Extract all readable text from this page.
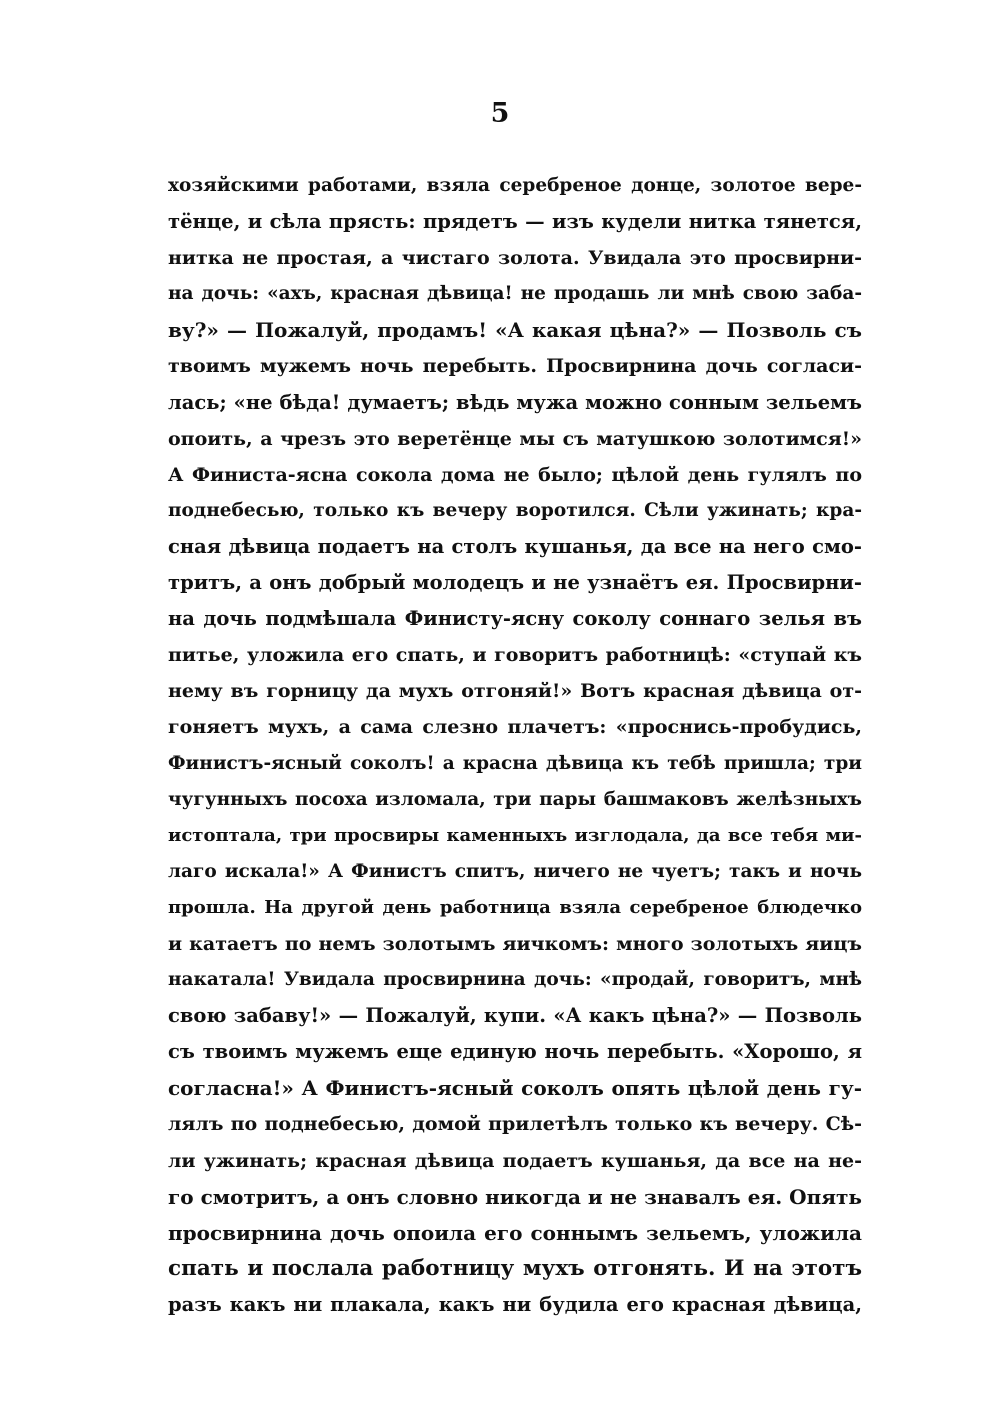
5
хозяйскими работами, взяла серебреное донце, золотое вере-
тёнце, и сѣла прясть: прядетъ — изъ кудели нитка тянется,
нитка не простая, а чистаго золота. Увидала это просвирни-
на дочь: «ахъ, красная дѣвица! не продашь ли мнѣ свою заба-
ву?» — Пожалуй, продамъ! «А какая цѣна?» — Позволь съ
твоимъ мужемъ ночь перебыть. Просвирнина дочь согласи-
лась; «не бѣда! думаетъ; вѣдь мужа можно сонным зельемъ
опоить, а чрезъ это веретёнце мы съ матушкою золотимся!»
А Финиста-ясна сокола дома не было; цѣлой день гулялъ по
поднебесью, только къ вечеру воротился. Сѣли ужинать; кра-
сная дѣвица подаетъ на столъ кушанья, да все на него смо-
тритъ, а онъ добрый молодецъ и не узнаётъ ея. Просвирни-
на дочь подмѣшала Финисту-ясну соколу соннаго зелья въ
питье, уложила его спать, и говоритъ работницѣ: «ступай къ
нему въ горницу да мухъ отгоняй!» Вотъ красная дѣвица от-
гоняетъ мухъ, а сама слезно плачетъ: «проснись-пробудись,
Финистъ-ясный соколъ! а красна дѣвица къ тебѣ пришла; три
чугунныхъ посоха изломала, три пары башмаковъ желѣзныхъ
истоптала, три просвиры каменныхъ изглодала, да все тебя ми-
лаго искала!» А Финистъ спитъ, ничего не чуетъ; такъ и ночь
прошла. На другой день работница взяла серебреное блюдечко
и катаетъ по немъ золотымъ яичкомъ: много золотыхъ яицъ
накатала! Увидала просвирнина дочь: «продай, говоритъ, мнѣ
свою забаву!» — Пожалуй, купи. «А какъ цѣна?» — Позволь
съ твоимъ мужемъ еще единую ночь перебыть. «Хорошо, я
согласна!» А Финистъ-ясный соколъ опять цѣлой день гу-
лялъ по поднебесью, домой прилетѣлъ только къ вечеру. Сѣ-
ли ужинать; красная дѣвица подаетъ кушанья, да все на не-
го смотритъ, а онъ словно никогда и не знавалъ ея. Опять
просвирнина дочь опоила его соннымъ зельемъ, уложила
спать и послала работницу мухъ отгонять. И на этотъ
разъ какъ ни плакала, какъ ни будила его красная дѣвица,
